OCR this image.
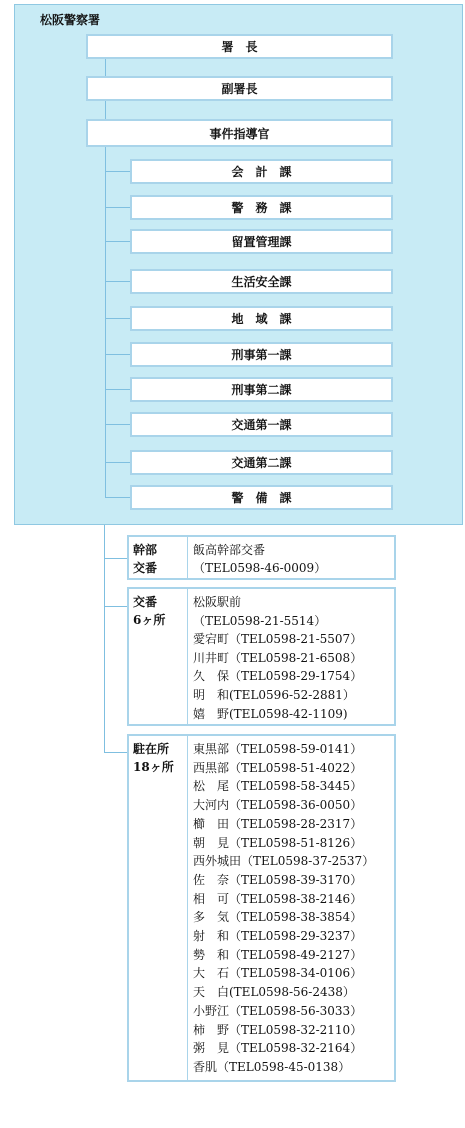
松阪警察署
署　長
副署長
事件指導官
会　計　課
警　務　課
留置管理課
生活安全課
地　域　課
刑事第一課
刑事第二課
交通第一課
交通第二課
警　備　課
幹部
交番
飯高幹部交番
（TEL0598-46-0009）
交番
6ヶ所
松阪駅前
（TEL0598-21-5514）
愛宕町（TEL0598-21-5507）
川井町（TEL0598-21-6508）
久　保（TEL0598-29-1754）
明　和(TEL0596-52-2881）
嬉　野(TEL0598-42-1109)
駐在所
18ヶ所
東黒部（TEL0598-59-0141）
西黒部（TEL0598-51-4022）
松　尾（TEL0598-58-3445）
大河内（TEL0598-36-0050）
櫛　田（TEL0598-28-2317）
朝　見（TEL0598-51-8126）
西外城田（TEL0598-37-2537）
佐　奈（TEL0598-39-3170）
相　可（TEL0598-38-2146）
多　気（TEL0598-38-3854）
射　和（TEL0598-29-3237）
勢　和（TEL0598-49-2127）
大　石（TEL0598-34-0106）
天　白(TEL0598-56-2438）
小野江（TEL0598-56-3033）
柿　野（TEL0598-32-2110）
粥　見（TEL0598-32-2164）
香肌（TEL0598-45-0138）
